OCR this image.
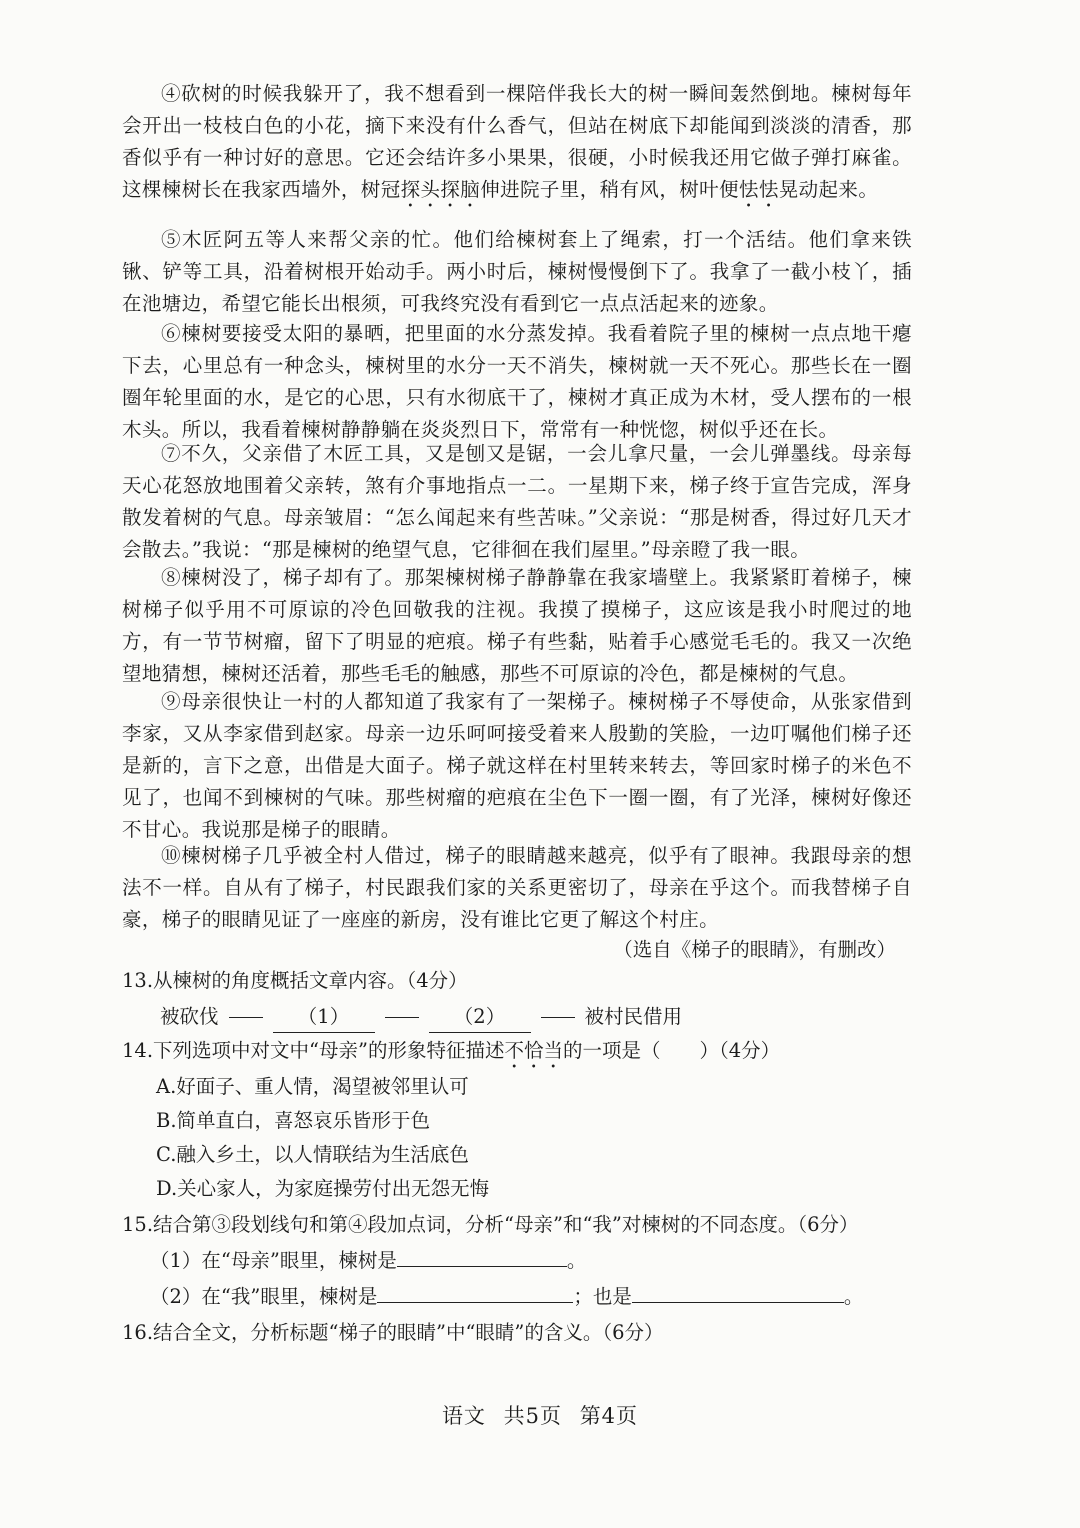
④砍树的时候我躲开了，我不想看到一棵陪伴我长大的树一瞬间轰然倒地。楝树每年会开出一枝枝白色的小花，摘下来没有什么香气，但站在树底下却能闻到淡淡的清香，那香似乎有一种讨好的意思。它还会结许多小果果，很硬，小时候我还用它做子弹打麻雀。这棵楝树长在我家西墙外，树冠探头探脑伸进院子里，稍有风，树叶便怯怯晃动起来。

⑤木匠阿五等人来帮父亲的忙。他们给楝树套上了绳索，打一个活结。他们拿来铁锹、铲等工具，沿着树根开始动手。两小时后，楝树慢慢倒下了。我拿了一截小枝丫，插在池塘边，希望它能长出根须，可我终究没有看到它一点点活起来的迹象。

⑥楝树要接受太阳的暴晒，把里面的水分蒸发掉。我看着院子里的楝树一点点地干瘪下去，心里总有一种念头，楝树里的水分一天不消失，楝树就一天不死心。那些长在一圈圈年轮里面的水，是它的心思，只有水彻底干了，楝树才真正成为木材，受人摆布的一根木头。所以，我看着楝树静静躺在炎炎烈日下，常常有一种恍惚，树似乎还在长。

⑦不久，父亲借了木匠工具，又是刨又是锯，一会儿拿尺量，一会儿弹墨线。母亲每天心花怒放地围着父亲转，煞有介事地指点一二。一星期下来，梯子终于宣告完成，浑身散发着树的气息。母亲皱眉：“怎么闻起来有些苦味。”父亲说：“那是树香，得过好几天才会散去。”我说：“那是楝树的绝望气息，它徘徊在我们屋里。”母亲瞪了我一眼。

⑧楝树没了，梯子却有了。那架楝树梯子静静靠在我家墙壁上。我紧紧盯着梯子，楝树梯子似乎用不可原谅的冷色回敬我的注视。我摸了摸梯子，这应该是我小时爬过的地方，有一节节树瘤，留下了明显的疤痕。梯子有些黏，贴着手心感觉毛毛的。我又一次绝望地猜想，楝树还活着，那些毛毛的触感，那些不可原谅的冷色，都是楝树的气息。

⑨母亲很快让一村的人都知道了我家有了一架梯子。楝树梯子不辱使命，从张家借到李家，又从李家借到赵家。母亲一边乐呵呵接受着来人殷勤的笑脸，一边叮嘱他们梯子还是新的，言下之意，出借是大面子。梯子就这样在村里转来转去，等回家时梯子的米色不见了，也闻不到楝树的气味。那些树瘤的疤痕在尘色下一圈一圈，有了光泽，楝树好像还不甘心。我说那是梯子的眼睛。

⑩楝树梯子几乎被全村人借过，梯子的眼睛越来越亮，似乎有了眼神。我跟母亲的想法不一样。自从有了梯子，村民跟我们家的关系更密切了，母亲在乎这个。而我替梯子自豪，梯子的眼睛见证了一座座的新房，没有谁比它更了解这个村庄。

（选自《梯子的眼睛》，有删改）
13.从楝树的角度概括文章内容。（4分）
被砍伐	（1）	（2）	被村民借用
14.下列选项中对文中“母亲”的形象特征描述不恰当的一项是（　　）（4分）
A.好面子、重人情，渴望被邻里认可
B.简单直白，喜怒哀乐皆形于色
C.融入乡土，以人情联结为生活底色
D.关心家人，为家庭操劳付出无怨无悔
15.结合第③段划线句和第④段加点词，分析“母亲”和“我”对楝树的不同态度。（6分）
（1）在“母亲”眼里，楝树是	。
（2）在“我”眼里，楝树是	；也是	。
16.结合全文，分析标题“梯子的眼睛”中“眼睛”的含义。（6分）
语文 共5页 第4页
